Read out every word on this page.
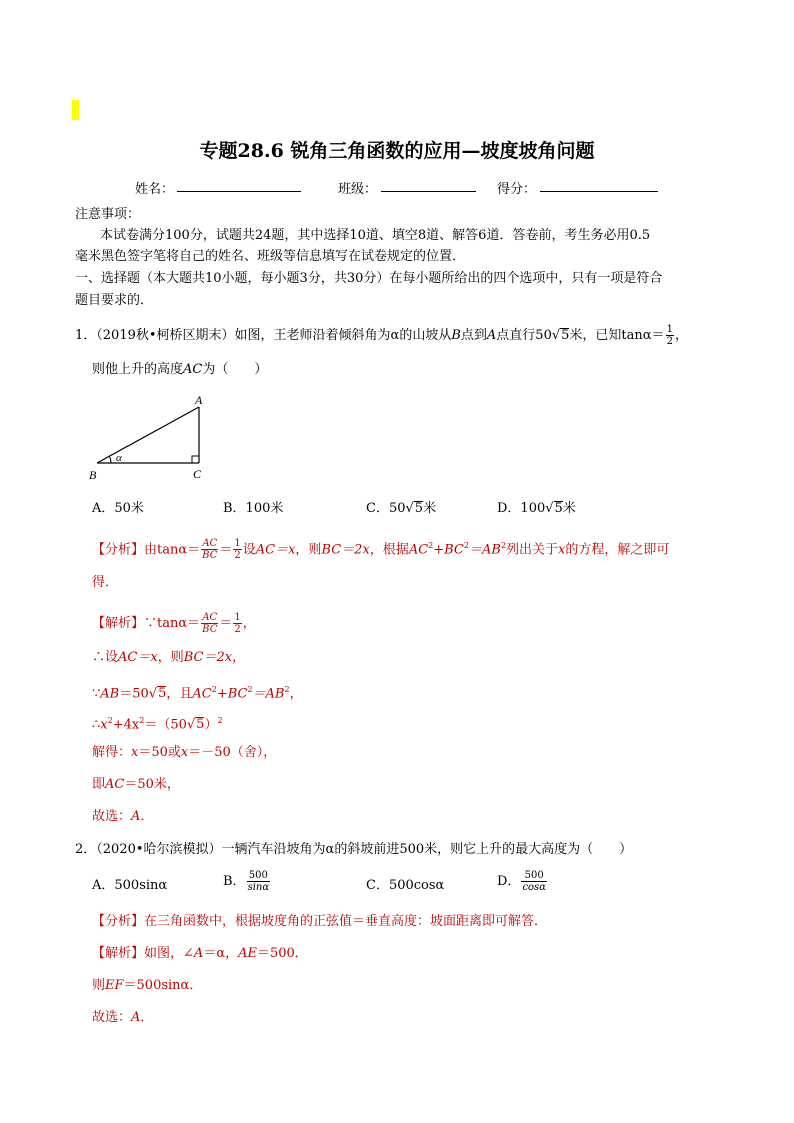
专题28.6 锐角三角函数的应用—坡度坡角问题
姓名：	班级：	得分：
注意事项：
本试卷满分100分，试题共24题，其中选择10道、填空8道、解答6道．答卷前，考生务必用0.5
毫米黑色签字笔将自己的姓名、班级等信息填写在试卷规定的位置．
一、选择题（本大题共10小题，每小题3分，共30分）在每小题所给出的四个选项中，只有一项是符合
题目要求的．
1．（2019秋•柯桥区期末）如图，王老师沿着倾斜角为α的山坡从B点到A点直行50√5米，已知$\tan\alpha= \frac{1}{2}$ ，
则他上升的高度AC为（　　）
A
B	C
α
A．50米	B．100米	C．50√5米	D．100√5米
【分析】由$\tan\alpha= \frac{AC}{BC} = \frac{1}{2}$ 设AC＝x，则BC＝2x，根据$AC^2+BC^2=AB^2$列出关于x的方程，解之即可
得．
【解析】∵tanα＝ $\frac{AC}{BC} = \frac{1}{2}$ ，
∴设AC＝x，则BC＝2x，
∵AB＝50√5，且$AC^2+BC^2=AB^2$，
$\therefore x^2+4x^2=(50√5)^2$
解得：x＝50或x＝－50（舍），
即AC＝50米，
故选：A．
2．（2020•哈尔滨模拟）一辆汽车沿坡角为α的斜坡前进500米，则它上升的最大高度为（　　）
A．500sinα	B． $\frac{500}{\sin\alpha}$	C．500cosα	D． $\frac{500}{\cos\alpha}$
【分析】在三角函数中，根据坡度角的正弦值＝垂直高度：坡面距离即可解答．
【解析】如图，∠A＝α，AE＝500．
则EF＝500sinα．
故选：A．
